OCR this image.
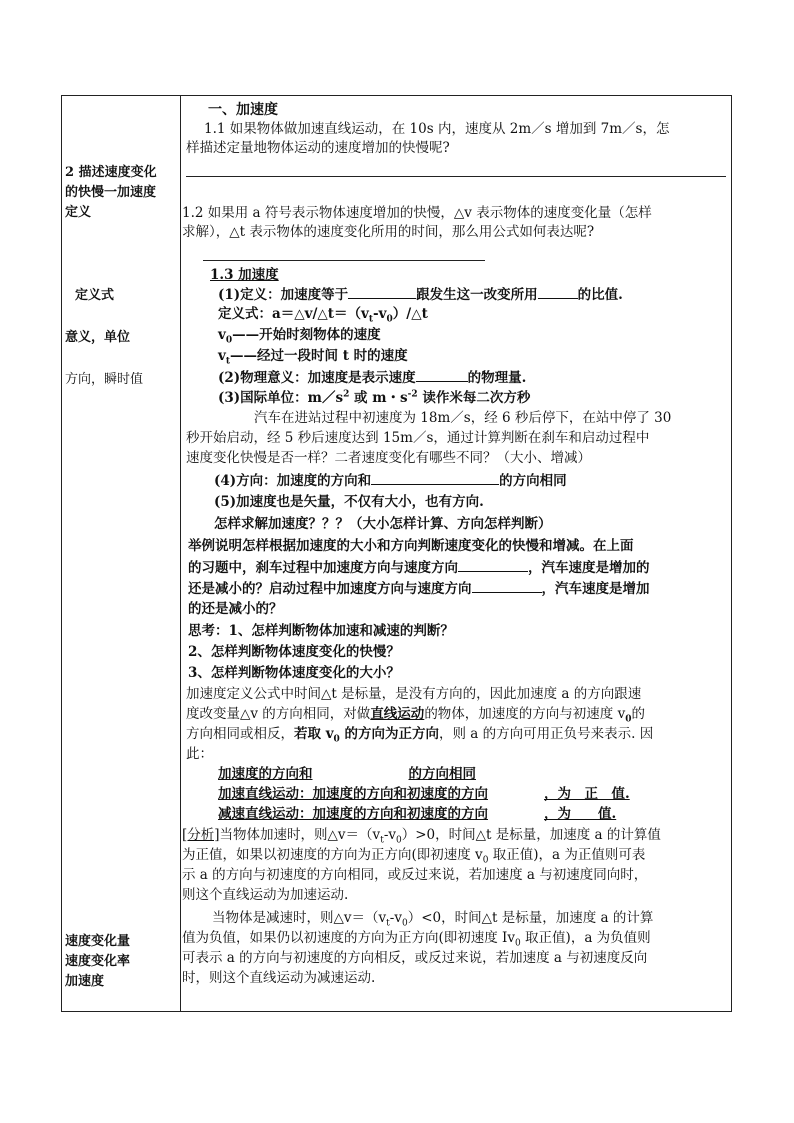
2 描述速度变化
的快慢一加速度
定义
定义式
意义，单位
方向，瞬时值
速度变化量
速度变化率
加速度
一、加速度
1.1 如果物体做加速直线运动，在 10s 内，速度从 2m／s 增加到 7m／s，怎
样描述定量地物体运动的速度增加的快慢呢?
1.2 如果用 a 符号表示物体速度增加的快慢，△v 表示物体的速度变化量（怎样
求解），△t 表示物体的速度变化所用的时间，那么用公式如何表达呢?
1.3 加速度
(1)定义：加速度等于	跟发生这一改变所用	的比值.
定义式：$a=\triangle v/\triangle t=(v_t-v_0)/\triangle t$
$v_0——$开始时刻物体的速度
$v_t——$经过一段时间 t 时的速度
(2)物理意义：加速度是表示速度	的物理量.
(3)国际单位：$m/s^2$ 或 m・$s^{-2}$ 读作米每二次方秒
汽车在进站过程中初速度为 18m／s，经 6 秒后停下，在站中停了 30
秒开始启动，经 5 秒后速度达到 15m／s，通过计算判断在刹车和启动过程中
速度变化快慢是否一样？二者速度变化有哪些不同？（大小、增减）
(4)方向：加速度的方向和	的方向相同
(5)加速度也是矢量，不仅有大小，也有方向.
怎样求解加速度？？？（大小怎样计算、方向怎样判断）
举例说明怎样根据加速度的大小和方向判断速度变化的快慢和增减。在上面
的习题中，刹车过程中加速度方向与速度方向	，汽车速度是增加的
还是减小的？启动过程中加速度方向与速度方向	，汽车速度是增加
的还是减小的？
思考：1、怎样判断物体加速和减速的判断？
2、怎样判断物体速度变化的快慢？
3、怎样判断物体速度变化的大小？
加速度定义公式中时间△t 是标量，是没有方向的，因此加速度 a 的方向跟速
度改变量△v 的方向相同，对做直线运动的物体，加速度的方向与初速度 $v_0$的
方向相同或相反，若取 $v_0$ 的方向为正方向，则 a 的方向可用正负号来表示. 因
此：
加速度的方向和	的方向相同
加速直线运动：加速度的方向和初速度的方向	，为　正　值.
减速直线运动：加速度的方向和初速度的方向	，为　　值.
[分析]当物体加速时，则$\triangle v=(v_t-v_0)>0$，时间△t 是标量，加速度 a 的计算值
为正值，如果以初速度的方向为正方向(即初速度 $v_0$ 取正值)，a 为正值则可表
示 a 的方向与初速度的方向相同，或反过来说，若加速度 a 与初速度同向时，
则这个直线运动为加速运动.
当物体是减速时，则$\triangle v=(v_t-v_0)<0$，时间△t 是标量，加速度 a 的计算
值为负值，如果仍以初速度的方向为正方向(即初速度 $Iv_0$ 取正值)，a 为负值则
可表示 a 的方向与初速度的方向相反，或反过来说，若加速度 a 与初速度反向
时，则这个直线运动为减速运动.
